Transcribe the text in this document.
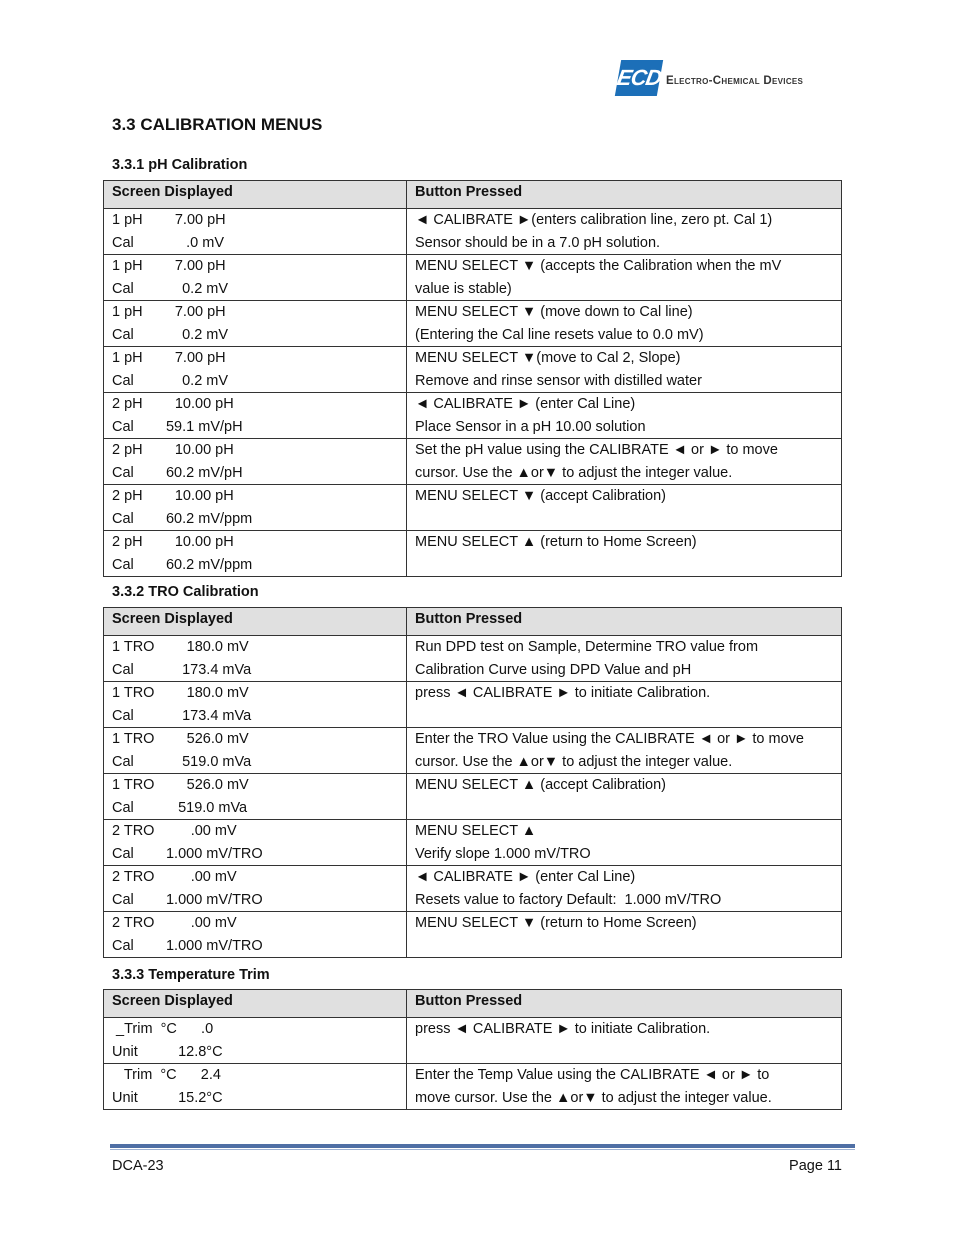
ECD Electro-Chemical Devices
3.3 CALIBRATION MENUS
3.3.1 pH Calibration
Screen Displayed	Button Pressed

1 pH        7.00 pH
Cal             .0 mV	◄ CALIBRATE ►(enters calibration line, zero pt. Cal 1)
Sensor should be in a 7.0 pH solution.

1 pH        7.00 pH
Cal            0.2 mV	MENU SELECT ▼ (accepts the Calibration when the mV
value is stable)

1 pH        7.00 pH
Cal            0.2 mV	MENU SELECT ▼ (move down to Cal line)
(Entering the Cal line resets value to 0.0 mV)

1 pH        7.00 pH
Cal            0.2 mV	MENU SELECT ▼(move to Cal 2, Slope)
Remove and rinse sensor with distilled water

2 pH        10.00 pH
Cal        59.1 mV/pH	◄ CALIBRATE ► (enter Cal Line)
Place Sensor in a pH 10.00 solution

2 pH        10.00 pH
Cal        60.2 mV/pH	Set the pH value using the CALIBRATE ◄ or ► to move
cursor. Use the ▲or▼ to adjust the integer value.

2 pH        10.00 pH
Cal        60.2 mV/ppm	MENU SELECT ▼ (accept Calibration)

2 pH        10.00 pH
Cal        60.2 mV/ppm	MENU SELECT ▲ (return to Home Screen)
3.3.2 TRO Calibration
Screen Displayed	Button Pressed

1 TRO        180.0 mV
Cal            173.4 mVa	Run DPD test on Sample, Determine TRO value from
Calibration Curve using DPD Value and pH

1 TRO        180.0 mV
Cal            173.4 mVa	press ◄ CALIBRATE ► to initiate Calibration.

1 TRO        526.0 mV
Cal            519.0 mVa	Enter the TRO Value using the CALIBRATE ◄ or ► to move
cursor. Use the ▲or▼ to adjust the integer value.

1 TRO        526.0 mV
Cal           519.0 mVa	MENU SELECT ▲ (accept Calibration)

2 TRO         .00 mV
Cal        1.000 mV/TRO	MENU SELECT ▲
Verify slope 1.000 mV/TRO

2 TRO         .00 mV
Cal        1.000 mV/TRO	◄ CALIBRATE ► (enter Cal Line)
Resets value to factory Default:  1.000 mV/TRO

2 TRO         .00 mV
Cal        1.000 mV/TRO	MENU SELECT ▼ (return to Home Screen)
3.3.3 Temperature Trim
Screen Displayed	Button Pressed

_Trim  °C      .0
Unit          12.8°C	press ◄ CALIBRATE ► to initiate Calibration.

Trim  °C      2.4
Unit          15.2°C	Enter the Temp Value using the CALIBRATE ◄ or ► to
move cursor. Use the ▲or▼ to adjust the integer value.
DCA-23	Page 11
